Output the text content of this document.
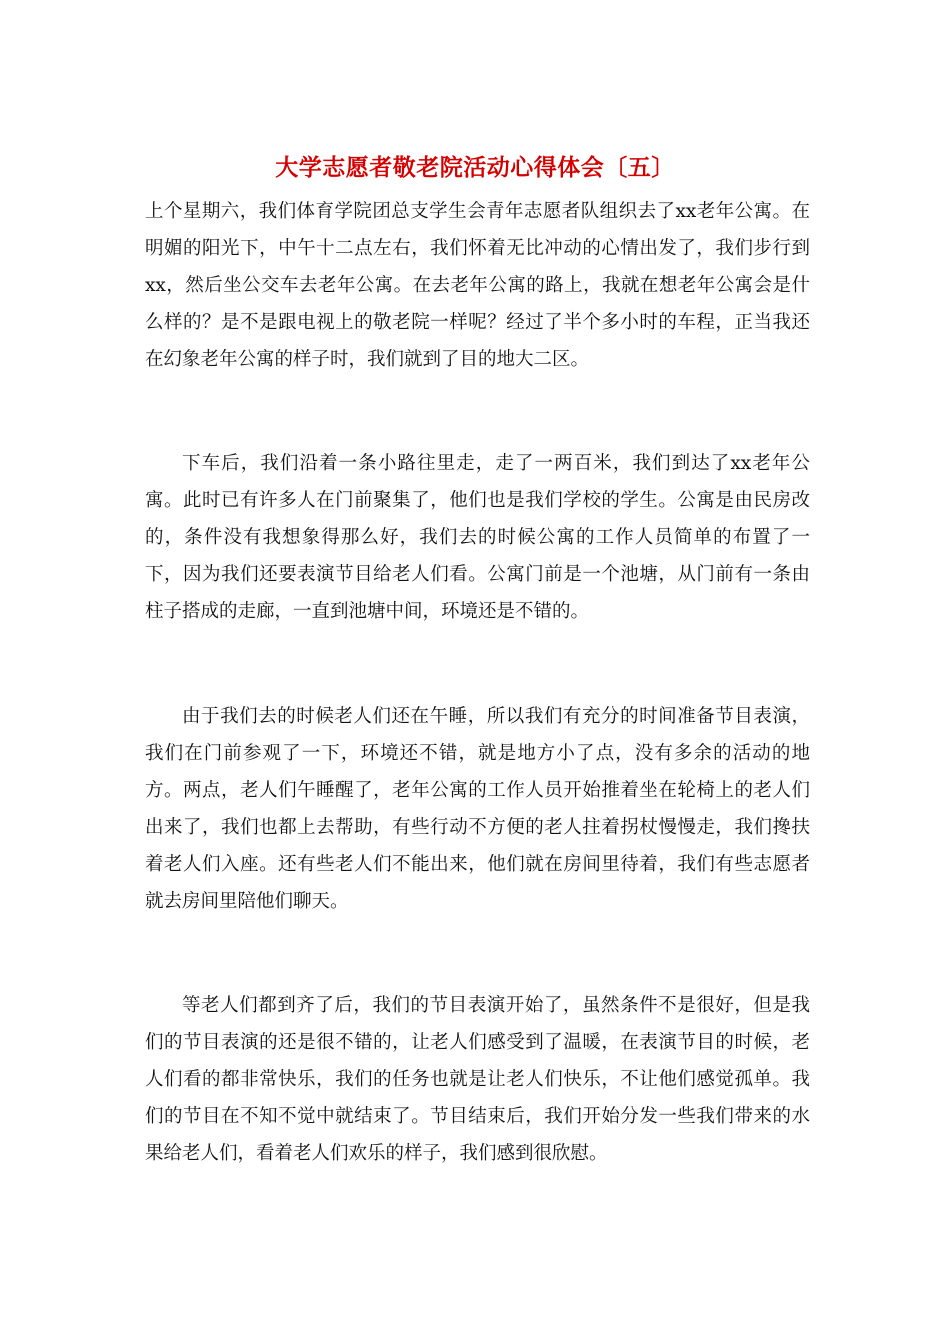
大学志愿者敬老院活动心得体会〔五〕

上个星期六，我们体育学院团总支学生会青年志愿者队组织去了xx老年公寓。在明媚的阳光下，中午十二点左右，我们怀着无比冲动的心情出发了，我们步行到xx，然后坐公交车去老年公寓。在去老年公寓的路上，我就在想老年公寓会是什么样的？是不是跟电视上的敬老院一样呢？经过了半个多小时的车程，正当我还在幻象老年公寓的样子时，我们就到了目的地大二区。

下车后，我们沿着一条小路往里走，走了一两百米，我们到达了xx老年公寓。此时已有许多人在门前聚集了，他们也是我们学校的学生。公寓是由民房改的，条件没有我想象得那么好，我们去的时候公寓的工作人员简单的布置了一下，因为我们还要表演节目给老人们看。公寓门前是一个池塘，从门前有一条由柱子搭成的走廊，一直到池塘中间，环境还是不错的。

由于我们去的时候老人们还在午睡，所以我们有充分的时间准备节目表演，我们在门前参观了一下，环境还不错，就是地方小了点，没有多余的活动的地方。两点，老人们午睡醒了，老年公寓的工作人员开始推着坐在轮椅上的老人们出来了，我们也都上去帮助，有些行动不方便的老人拄着拐杖慢慢走，我们搀扶着老人们入座。还有些老人们不能出来，他们就在房间里待着，我们有些志愿者就去房间里陪他们聊天。

等老人们都到齐了后，我们的节目表演开始了，虽然条件不是很好，但是我们的节目表演的还是很不错的，让老人们感受到了温暖，在表演节目的时候，老人们看的都非常快乐，我们的任务也就是让老人们快乐，不让他们感觉孤单。我们的节目在不知不觉中就结束了。节目结束后，我们开始分发一些我们带来的水果给老人们，看着老人们欢乐的样子，我们感到很欣慰。
